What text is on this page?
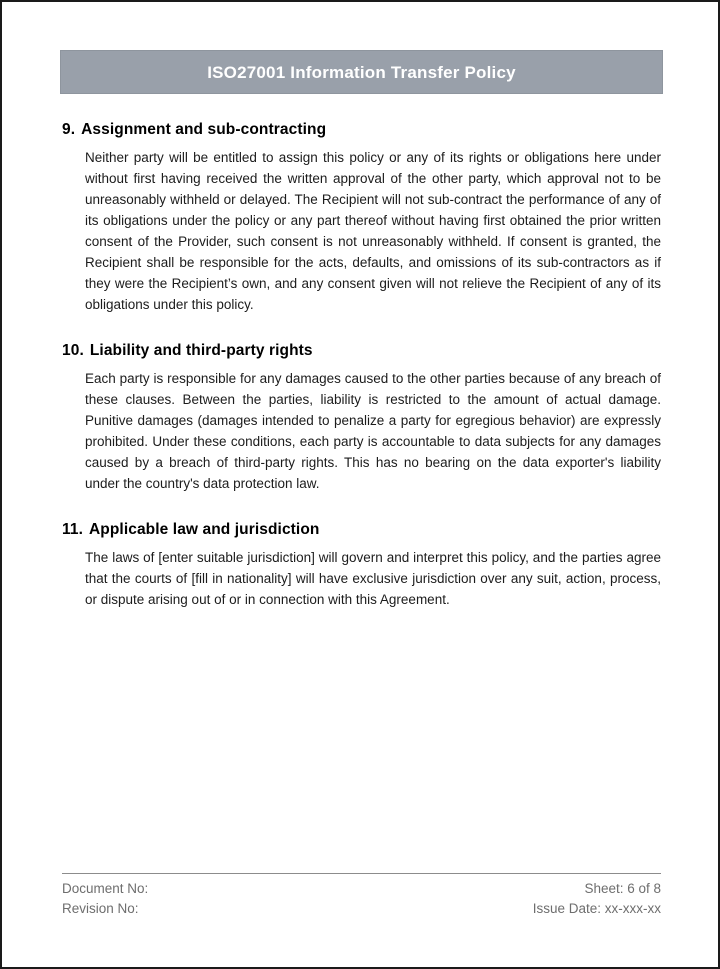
ISO27001 Information Transfer Policy
9. Assignment and sub-contracting

Neither party will be entitled to assign this policy or any of its rights or obligations here under without first having received the written approval of the other party, which approval not to be unreasonably withheld or delayed. The Recipient will not sub-contract the performance of any of its obligations under the policy or any part thereof without having first obtained the prior written consent of the Provider, such consent is not unreasonably withheld. If consent is granted, the Recipient shall be responsible for the acts, defaults, and omissions of its sub-contractors as if they were the Recipient’s own, and any consent given will not relieve the Recipient of any of its obligations under this policy.

10. Liability and third-party rights

Each party is responsible for any damages caused to the other parties because of any breach of these clauses. Between the parties, liability is restricted to the amount of actual damage. Punitive damages (damages intended to penalize a party for egregious behavior) are expressly prohibited. Under these conditions, each party is accountable to data subjects for any damages caused by a breach of third-party rights. This has no bearing on the data exporter's liability under the country's data protection law.

11. Applicable law and jurisdiction

The laws of [enter suitable jurisdiction] will govern and interpret this policy, and the parties agree that the courts of [fill in nationality] will have exclusive jurisdiction over any suit, action, process, or dispute arising out of or in connection with this Agreement.

Document No:
Revision No:
Sheet: 6 of 8
Issue Date: xx-xxx-xx
